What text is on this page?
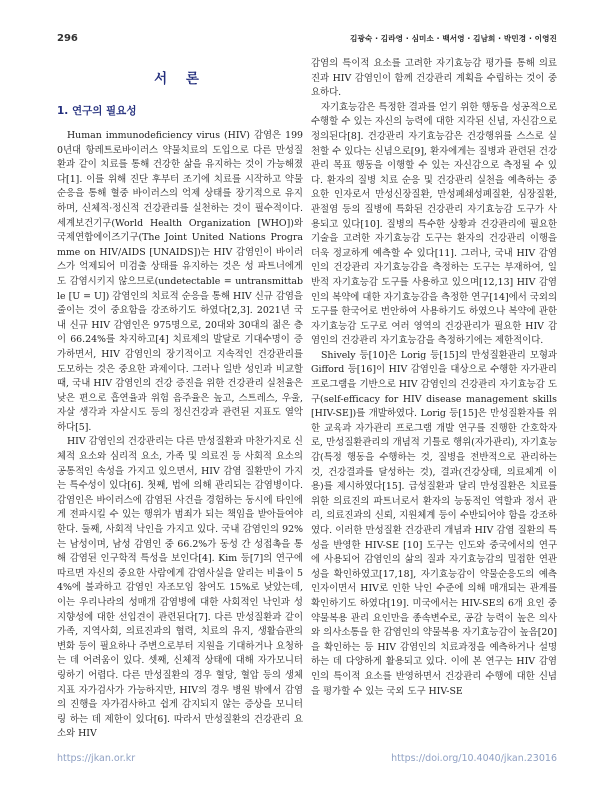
296	김광숙 · 김라영 · 심미소 · 백서영 · 김남희 · 박민경 · 이영진
서 론
1. 연구의 필요성

Human immunodeficiency virus (HIV) 감염은 1990년대 항레트로바이러스 약물치료의 도입으로 다른 만성질환과 같이 치료를 통해 건강한 삶을 유지하는 것이 가능해졌다[1]. 이를 위해 진단 후부터 조기에 치료를 시작하고 약물 순응을 통해 혈중 바이러스의 억제 상태를 장기적으로 유지하며, 신체적·정신적 건강관리를 실천하는 것이 필수적이다. 세계보건기구(World Health Organization [WHO])와 국제연합에이즈기구(The Joint United Nations Programme on HIV/AIDS [UNAIDS])는 HIV 감염인이 바이러스가 억제되어 미검출 상태를 유지하는 것은 성 파트너에게도 감염시키지 않으므로(undetectable = untransmittable [U = U]) 감염인의 치료적 순응을 통해 HIV 신규 감염을 줄이는 것이 중요함을 강조하기도 하였다[2,3]. 2021년 국내 신규 HIV 감염인은 975명으로, 20대와 30대의 젊은 층이 66.24%를 차지하고[4] 치료제의 발달로 기대수명이 증가하면서, HIV 감염인의 장기적이고 지속적인 건강관리를 도모하는 것은 중요한 과제이다. 그러나 일반 성인과 비교할 때, 국내 HIV 감염인의 건강 증진을 위한 건강관리 실천율은 낮은 편으로 흡연율과 위험 음주율은 높고, 스트레스, 우울, 자살 생각과 자살시도 등의 정신건강과 관련된 지표도 열악하다[5].

HIV 감염인의 건강관리는 다른 만성질환과 마찬가지로 신체적 요소와 심리적 요소, 가족 및 의료진 등 사회적 요소의 공통적인 속성을 가지고 있으면서, HIV 감염 질환만이 가지는 특수성이 있다[6]. 첫째, 법에 의해 관리되는 감염병이다. 감염인은 바이러스에 감염된 사건을 경험하는 동시에 타인에게 전파시킬 수 있는 행위가 범죄가 되는 책임을 받아들여야 한다. 둘째, 사회적 낙인을 가지고 있다. 국내 감염인의 92%는 남성이며, 남성 감염인 중 66.2%가 동성 간 성접촉을 통해 감염된 인구학적 특성을 보인다[4]. Kim 등[7]의 연구에 따르면 자신의 중요한 사람에게 감염사실을 알리는 비율이 54%에 불과하고 감염인 자조모임 참여도 15%로 낮았는데, 이는 우리나라의 성매개 감염병에 대한 사회적인 낙인과 성지향성에 대한 선입견이 관련된다[7]. 다른 만성질환과 같이 가족, 지역사회, 의료진과의 협력, 치료의 유지, 생활습관의 변화 등이 필요하나 주변으로부터 지원을 기대하거나 요청하는 데 어려움이 있다. 셋째, 신체적 상태에 대해 자가모니터링하기 어렵다. 다른 만성질환의 경우 혈당, 혈압 등의 생체지표 자가검사가 가능하지만, HIV의 경우 병원 밖에서 감염의 진행을 자가검사하고 쉽게 감지되지 않는 증상을 모니터링 하는 데 제한이 있다[6]. 따라서 만성질환의 건강관리 요소와 HIV

감염의 특이적 요소를 고려한 자기효능감 평가를 통해 의료진과 HIV 감염인이 함께 건강관리 계획을 수립하는 것이 중요하다.

자기효능감은 특정한 결과를 얻기 위한 행동을 성공적으로 수행할 수 있는 자신의 능력에 대한 지각된 신념, 자신감으로 정의된다[8]. 건강관리 자기효능감은 건강행위를 스스로 실천할 수 있다는 신념으로[9], 환자에게는 질병과 관련된 건강관리 목표 행동을 이행할 수 있는 자신감으로 측정될 수 있다. 환자의 질병 치료 순응 및 건강관리 실천을 예측하는 중요한 인자로서 만성신장질환, 만성폐쇄성폐질환, 심장질환, 관절염 등의 질병에 특화된 건강관리 자기효능감 도구가 사용되고 있다[10]. 질병의 특수한 상황과 건강관리에 필요한 기술을 고려한 자기효능감 도구는 환자의 건강관리 이행을 더욱 정교하게 예측할 수 있다[11]. 그러나, 국내 HIV 감염인의 건강관리 자기효능감을 측정하는 도구는 부재하여, 일반적 자기효능감 도구를 사용하고 있으며[12,13] HIV 감염인의 복약에 대한 자기효능감을 측정한 연구[14]에서 국외의 도구를 한국어로 번안하여 사용하기도 하였으나 복약에 관한 자기효능감 도구로 여러 영역의 건강관리가 필요한 HIV 감염인의 건강관리 자기효능감을 측정하기에는 제한적이다.

Shively 등[10]은 Lorig 등[15]의 만성질환관리 모형과 Gifford 등[16]이 HIV 감염인을 대상으로 수행한 자가관리 프로그램을 기반으로 HIV 감염인의 건강관리 자기효능감 도구(self-efficacy for HIV disease management skills [HIV-SE])를 개발하였다. Lorig 등[15]은 만성질환자를 위한 교육과 자가관리 프로그램 개발 연구를 진행한 간호학자로, 만성질환관리의 개념적 기틀로 행위(자가관리), 자기효능감(특정 행동을 수행하는 것, 질병을 전반적으로 관리하는 것, 건강결과를 달성하는 것), 결과(건강상태, 의료체계 이용)를 제시하였다[15]. 급성질환과 달리 만성질환은 치료를 위한 의료진의 파트너로서 환자의 능동적인 역할과 정서 관리, 의료진과의 신뢰, 지원체계 등이 수반되어야 함을 강조하였다. 이러한 만성질환 건강관리 개념과 HIV 감염 질환의 특성을 반영한 HIV-SE [10] 도구는 인도와 중국에서의 연구에 사용되어 감염인의 삶의 질과 자기효능감의 밀접한 연관성을 확인하였고[17,18], 자기효능감이 약물순응도의 예측인자이면서 HIV로 인한 낙인 수준에 의해 매개되는 관계를 확인하기도 하였다[19]. 미국에서는 HIV-SE의 6개 요인 중 약물복용 관리 요인만을 종속변수로, 공감 능력이 높은 의사와 의사소통을 한 감염인의 약물복용 자기효능감이 높음[20]을 확인하는 등 HIV 감염인의 치료과정을 예측하거나 설명하는 데 다양하게 활용되고 있다. 이에 본 연구는 HIV 감염인의 특이적 요소를 반영하면서 건강관리 수행에 대한 신념을 평가할 수 있는 국외 도구 HIV-SE

https://jkan.or.kr	https://doi.org/10.4040/jkan.23016
